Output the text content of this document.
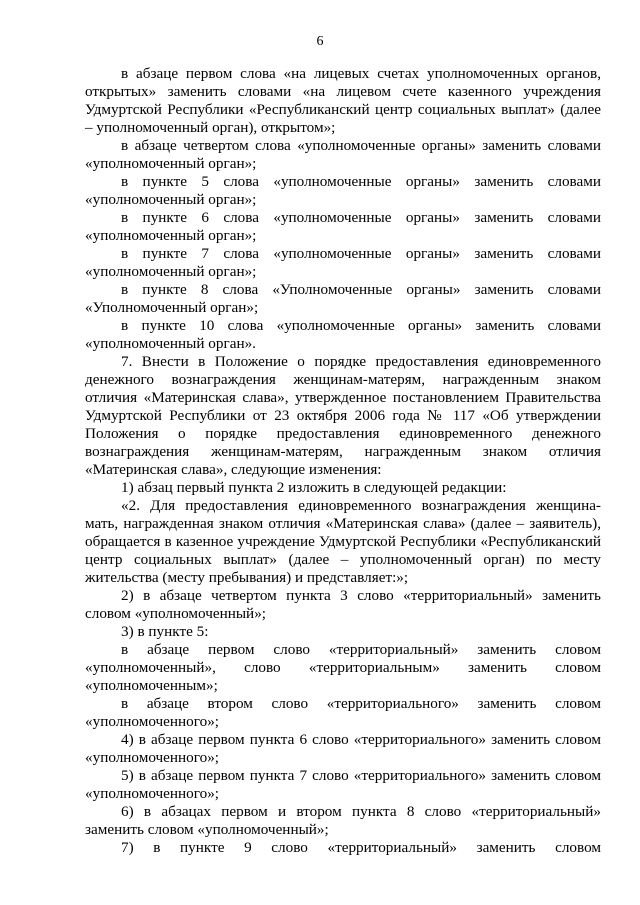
6

в абзаце первом слова «на лицевых счетах уполномоченных органов, открытых» заменить словами «на лицевом счете казенного учреждения Удмуртской Республики «Республиканский центр социальных выплат» (далее – уполномоченный орган), открытом»;

в абзаце четвертом слова «уполномоченные органы» заменить словами «уполномоченный орган»;

в пункте 5 слова «уполномоченные органы» заменить словами «уполномоченный орган»;

в пункте 6 слова «уполномоченные органы» заменить словами «уполномоченный орган»;

в пункте 7 слова «уполномоченные органы» заменить словами «уполномоченный орган»;

в пункте 8 слова «Уполномоченные органы» заменить словами «Уполномоченный орган»;

в пункте 10 слова «уполномоченные органы» заменить словами «уполномоченный орган».

7. Внести в Положение о порядке предоставления единовременного денежного вознаграждения женщинам-матерям, награжденным знаком отличия «Материнская слава», утвержденное постановлением Правительства Удмуртской Республики от 23 октября 2006 года № 117 «Об утверждении Положения о порядке предоставления единовременного денежного вознаграждения женщинам-матерям, награжденным знаком отличия «Материнская слава», следующие изменения:

1) абзац первый пункта 2 изложить в следующей редакции:

«2. Для предоставления единовременного вознаграждения женщина-мать, награжденная знаком отличия «Материнская слава» (далее – заявитель), обращается в казенное учреждение Удмуртской Республики «Республиканский центр социальных выплат» (далее – уполномоченный орган) по месту жительства (месту пребывания) и представляет:»;

2) в абзаце четвертом пункта 3 слово «территориальный» заменить словом «уполномоченный»;

3) в пункте 5:

в абзаце первом слово «территориальный» заменить словом «уполномоченный», слово «территориальным» заменить словом «уполномоченным»;

в абзаце втором слово «территориального» заменить словом «уполномоченного»;

4) в абзаце первом пункта 6 слово «территориального» заменить словом «уполномоченного»;

5) в абзаце первом пункта 7 слово «территориального» заменить словом «уполномоченного»;

6) в абзацах первом и втором пункта 8 слово «территориальный» заменить словом «уполномоченный»;

7) в пункте 9 слово «территориальный» заменить словом
